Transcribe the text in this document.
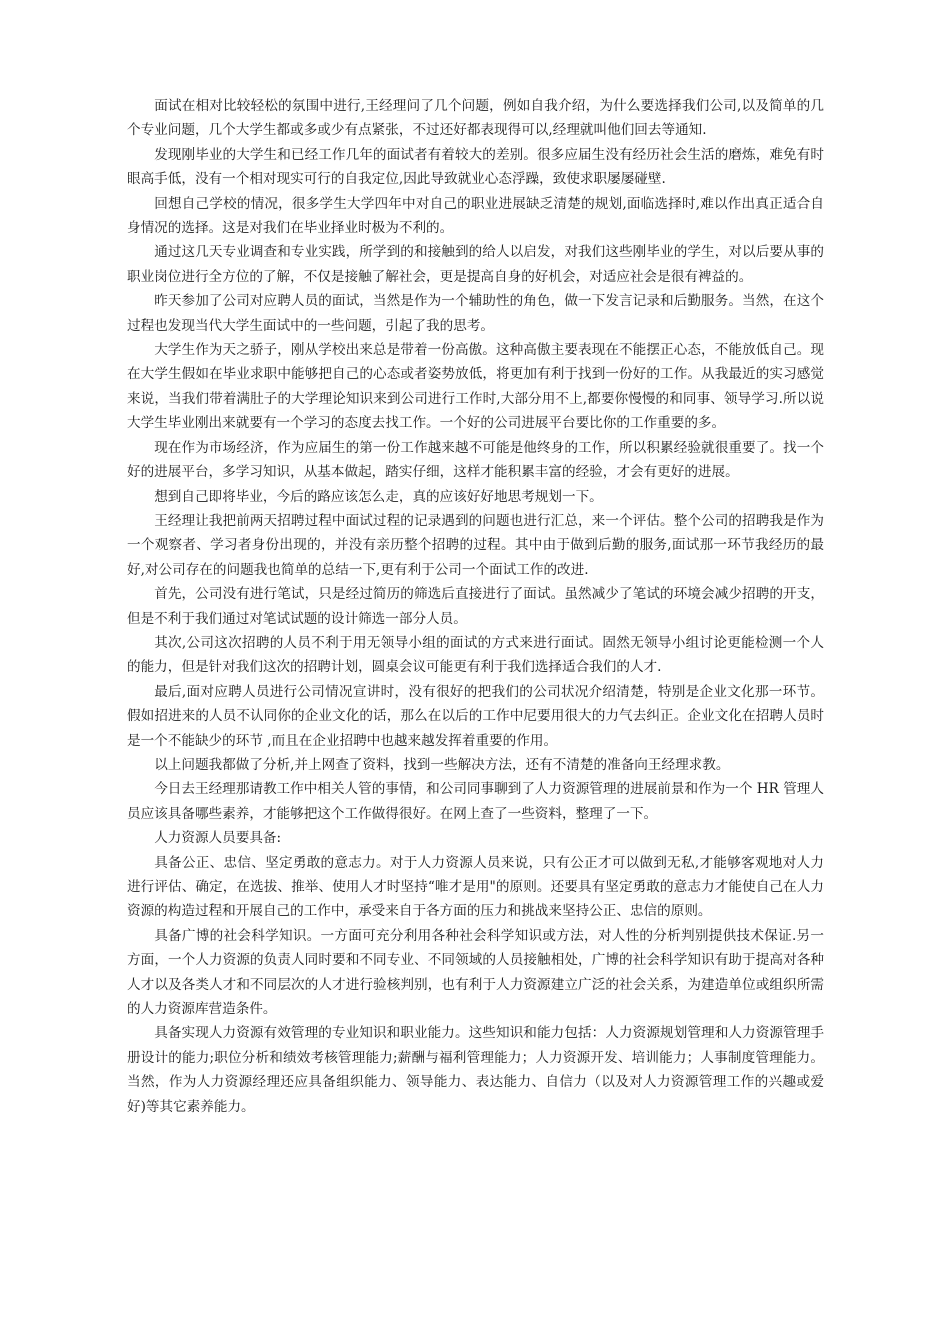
面试在相对比较轻松的氛围中进行,王经理问了几个问题，例如自我介绍，为什么要选择我们公司,以及简单的几个专业问题，几个大学生都或多或少有点紧张，不过还好都表现得可以,经理就叫他们回去等通知.

发现刚毕业的大学生和已经工作几年的面试者有着较大的差别。很多应届生没有经历社会生活的磨炼，难免有时眼高手低，没有一个相对现实可行的自我定位,因此导致就业心态浮躁，致使求职屡屡碰壁.

回想自己学校的情况，很多学生大学四年中对自己的职业进展缺乏清楚的规划,面临选择时,难以作出真正适合自身情况的选择。这是对我们在毕业择业时极为不利的。

通过这几天专业调查和专业实践，所学到的和接触到的给人以启发，对我们这些刚毕业的学生，对以后要从事的职业岗位进行全方位的了解，不仅是接触了解社会，更是提高自身的好机会，对适应社会是很有裨益的。

昨天参加了公司对应聘人员的面试，当然是作为一个辅助性的角色，做一下发言记录和后勤服务。当然，在这个过程也发现当代大学生面试中的一些问题，引起了我的思考。

大学生作为天之骄子，刚从学校出来总是带着一份高傲。这种高傲主要表现在不能摆正心态，不能放低自己。现在大学生假如在毕业求职中能够把自己的心态或者姿势放低，将更加有利于找到一份好的工作。从我最近的实习感觉来说，当我们带着满肚子的大学理论知识来到公司进行工作时,大部分用不上,都要你慢慢的和同事、领导学习.所以说大学生毕业刚出来就要有一个学习的态度去找工作。一个好的公司进展平台要比你的工作重要的多。

现在作为市场经济，作为应届生的第一份工作越来越不可能是他终身的工作，所以积累经验就很重要了。找一个好的进展平台，多学习知识，从基本做起，踏实仔细，这样才能积累丰富的经验，才会有更好的进展。

想到自己即将毕业，今后的路应该怎么走，真的应该好好地思考规划一下。

王经理让我把前两天招聘过程中面试过程的记录遇到的问题也进行汇总，来一个评估。整个公司的招聘我是作为一个观察者、学习者身份出现的，并没有亲历整个招聘的过程。其中由于做到后勤的服务,面试那一环节我经历的最好,对公司存在的问题我也简单的总结一下,更有利于公司一个面试工作的改进.

首先，公司没有进行笔试，只是经过简历的筛选后直接进行了面试。虽然减少了笔试的环境会减少招聘的开支，但是不利于我们通过对笔试试题的设计筛选一部分人员。

其次,公司这次招聘的人员不利于用无领导小组的面试的方式来进行面试。固然无领导小组讨论更能检测一个人的能力，但是针对我们这次的招聘计划，圆桌会议可能更有利于我们选择适合我们的人才.

最后,面对应聘人员进行公司情况宣讲时，没有很好的把我们的公司状况介绍清楚，特别是企业文化那一环节。假如招进来的人员不认同你的企业文化的话，那么在以后的工作中尼要用很大的力气去纠正。企业文化在招聘人员时是一个不能缺少的环节 ,而且在企业招聘中也越来越发挥着重要的作用。

以上问题我都做了分析,并上网查了资料，找到一些解决方法，还有不清楚的准备向王经理求教。

今日去王经理那请教工作中相关人管的事情，和公司同事聊到了人力资源管理的进展前景和作为一个 HR 管理人员应该具备哪些素养，才能够把这个工作做得很好。在网上查了一些资料，整理了一下。

人力资源人员要具备:

具备公正、忠信、坚定勇敢的意志力。对于人力资源人员来说，只有公正才可以做到无私,才能够客观地对人力进行评估、确定，在选拔、推举、使用人才时坚持“唯才是用"的原则。还要具有坚定勇敢的意志力才能使自己在人力资源的构造过程和开展自己的工作中，承受来自于各方面的压力和挑战来坚持公正、忠信的原则。

具备广博的社会科学知识。一方面可充分利用各种社会科学知识或方法，对人性的分析判别提供技术保证.另一方面，一个人力资源的负责人同时要和不同专业、不同领域的人员接触相处，广博的社会科学知识有助于提高对各种人才以及各类人才和不同层次的人才进行验核判别，也有利于人力资源建立广泛的社会关系，为建造单位或组织所需的人力资源库营造条件。

具备实现人力资源有效管理的专业知识和职业能力。这些知识和能力包括：人力资源规划管理和人力资源管理手册设计的能力;职位分析和绩效考核管理能力;薪酬与福利管理能力；人力资源开发、培训能力；人事制度管理能力。当然，作为人力资源经理还应具备组织能力、领导能力、表达能力、自信力（以及对人力资源管理工作的兴趣或爱好)等其它素养能力。
